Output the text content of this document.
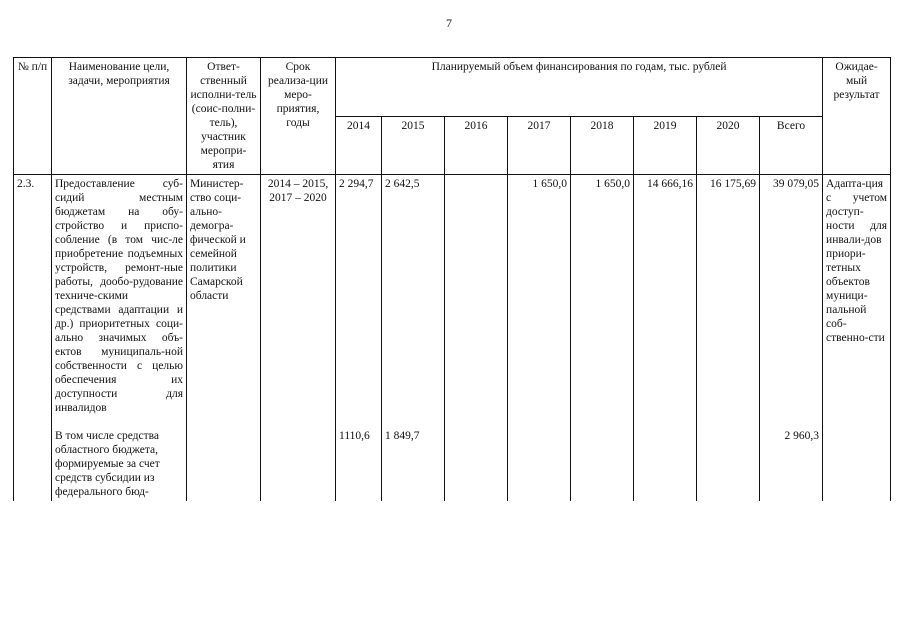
7
№ п/п	Наименование цели, задачи, мероприятия	Ответ-ственный исполни-тель (соис-полни-тель), участник меропри-ятия	Срок реализа-ции меро-приятия, годы	Планируемый объем финансирования по годам, тыс. рублей								Ожидае-мый результат
				2014	2015	2016	2017	2018	2019	2020	Всего	
2.3.	Предоставление суб-сидий местным бюджетам на обу-стройство и приспо-собление (в том чис-ле приобретение подъемных устройств, ремонт-ные работы, дообо-рудование техниче-скими средствами адаптации и др.) приоритетных соци-ально значимых объ-ектов муниципаль-ной собственности с целью обеспечения их доступности для инвалидов	Министер-ство соци-ально-демогра-фической и семейной политики Самарской области	2014 – 2015, 2017 – 2020	2 294,7	2 642,5		1 650,0	1 650,0	14 666,16	16 175,69	39 079,05	Адапта-ция с учетом доступ-ности для инвали-дов приори-тетных объектов муници-пальной соб-ственно-сти
	В том числе средства областного бюджета, формируемые за счет средств субсидии из федерального бюд-			1110,6	1 849,7						2 960,3	
